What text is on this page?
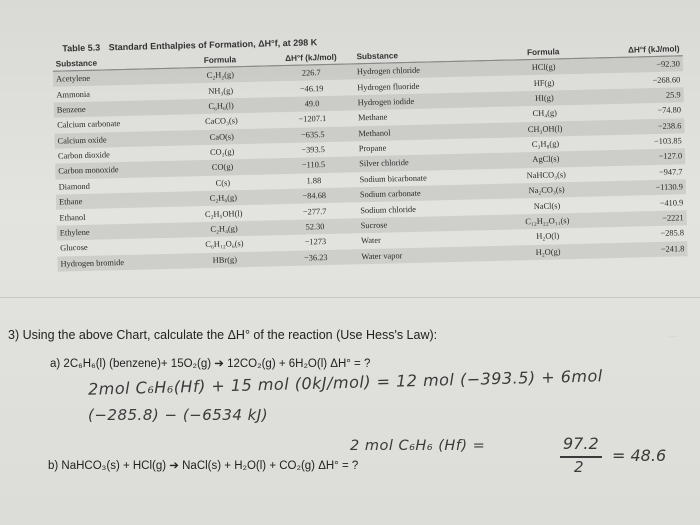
Table 5.3 Standard Enthalpies of Formation, ΔH°f, at 298 K
Substance	Formula	ΔH°f (kJ/mol)	Substance	Formula	ΔH°f (kJ/mol)
Acetylene	C₂H₂(g)	226.7	Hydrogen chloride	HCl(g)	−92.30
Ammonia	NH₃(g)	−46.19	Hydrogen fluoride	HF(g)	−268.60
Benzene	C₆H₆(l)	49.0	Hydrogen iodide	HI(g)	25.9
Calcium carbonate	CaCO₃(s)	−1207.1	Methane	CH₄(g)	−74.80
Calcium oxide	CaO(s)	−635.5	Methanol	CH₃OH(l)	−238.6
Carbon dioxide	CO₂(g)	−393.5	Propane	C₃H₈(g)	−103.85
Carbon monoxide	CO(g)	−110.5	Silver chloride	AgCl(s)	−127.0
Diamond	C(s)	1.88	Sodium bicarbonate	NaHCO₃(s)	−947.7
Ethane	C₂H₆(g)	−84.68	Sodium carbonate	Na₂CO₃(s)	−1130.9
Ethanol	C₂H₅OH(l)	−277.7	Sodium chloride	NaCl(s)	−410.9
Ethylene	C₂H₄(g)	52.30	Sucrose	C₁₂H₂₂O₁₁(s)	−2221
Glucose	C₆H₁₂O₆(s)	−1273	Water	H₂O(l)	−285.8
Hydrogen bromide	HBr(g)	−36.23	Water vapor	H₂O(g)	−241.8
3) Using the above Chart, calculate the ΔH° of the reaction (Use Hess's Law):	…
a) 2C₆H₆(l) (benzene)+ 15O₂(g) ➔ 12CO₂(g) + 6H₂O(l) ΔH° = ?
2mol C₆H₆(Hf) + 15 mol (0kJ/mol) = 12 mol (−393.5) + 6mol
(−285.8) − (−6534 kJ)
2 mol C₆H₆ (Hf) =	97.2
2
= 48.6
b) NaHCO₃(s) + HCl(g) ➔ NaCl(s) + H₂O(l) + CO₂(g) ΔH° = ?
